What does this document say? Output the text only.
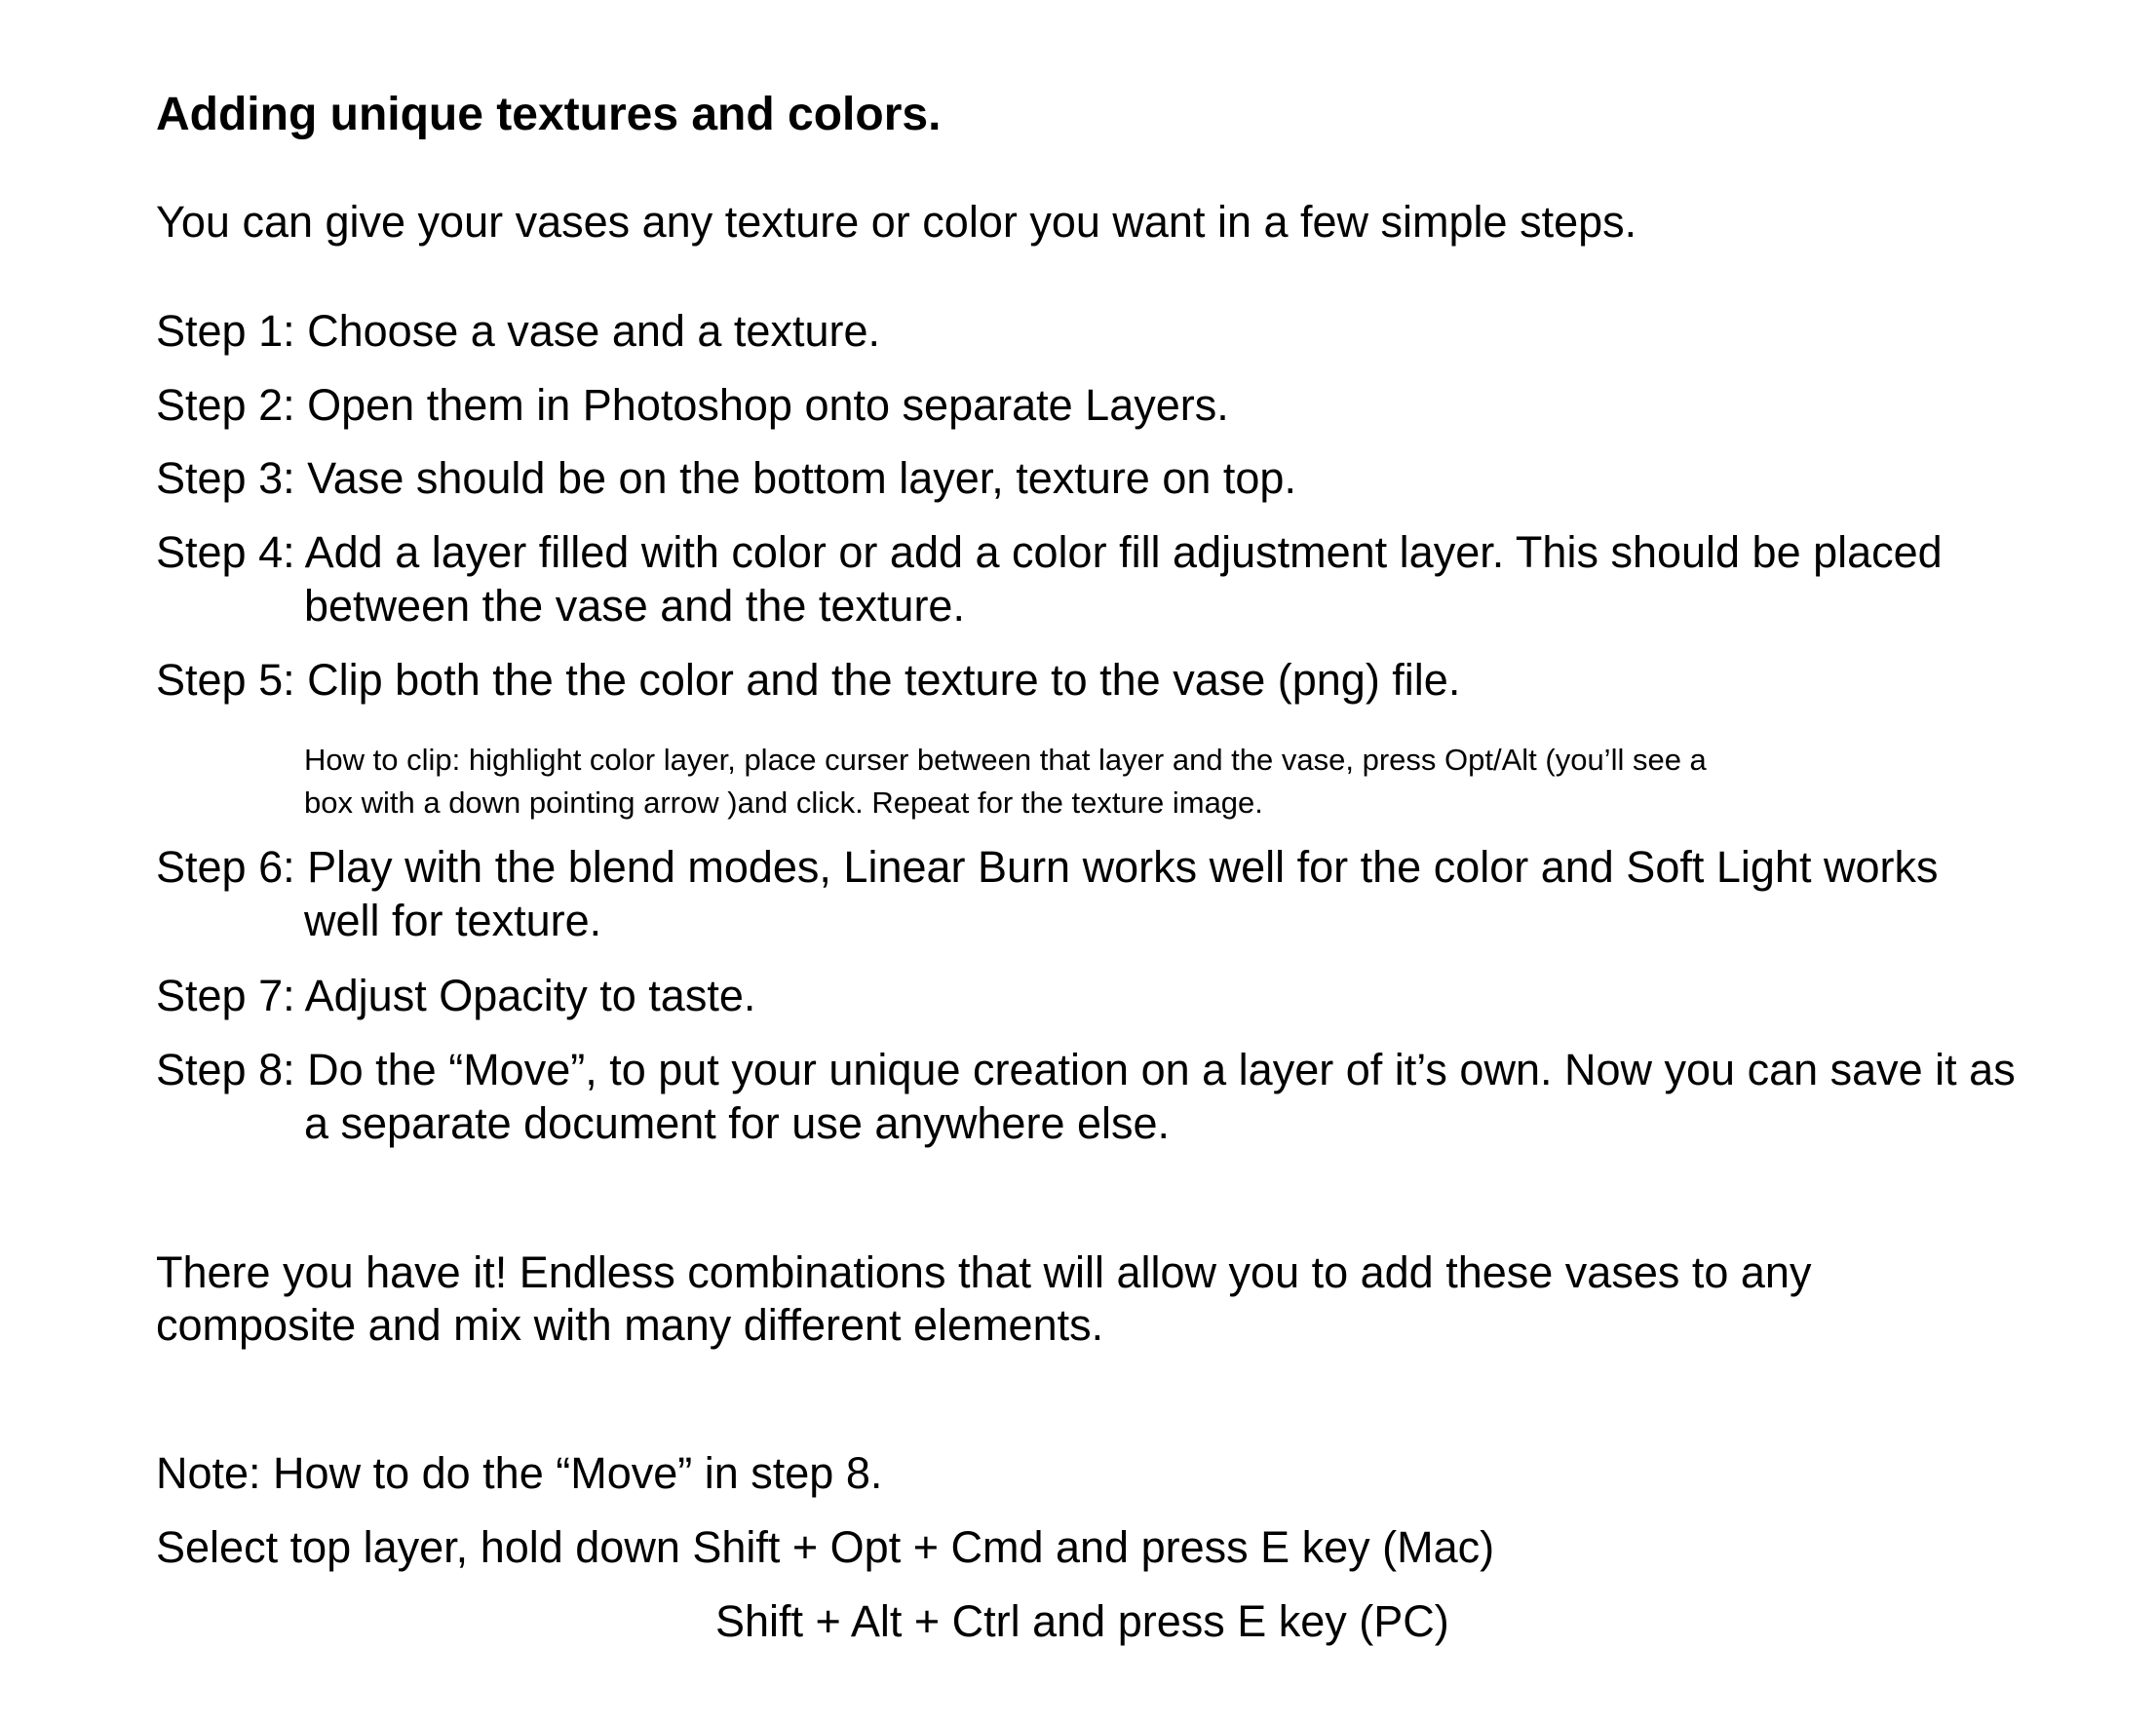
Adding unique textures and colors.

You can give your vases any texture or color you want in a few simple steps.

Step 1: Choose a vase and a texture.
Step 2: Open them in Photoshop onto separate Layers.
Step 3: Vase should be on the bottom layer, texture on top.
Step 4: Add a layer filled with color or add a color fill adjustment layer. This should be placed
between the vase and the texture.
Step 5: Clip both the the color and the texture to the vase (png) file.

How to clip: highlight color layer, place curser between that layer and the vase, press Opt/Alt (you’ll see a

box with a down pointing arrow )and click. Repeat for the texture image.

Step 6: Play with the blend modes, Linear Burn works well for the color and Soft Light works
well for texture.
Step 7: Adjust Opacity to taste.
Step 8: Do the “Move”, to put your unique creation on a layer of it’s own. Now you can save it as
a separate document for use anywhere else.

There you have it! Endless combinations that will allow you to add these vases to any

composite and mix with many different elements.

Note: How to do the “Move” in step 8.

Select top layer, hold down Shift + Opt + Cmd and press E key (Mac)

Shift + Alt + Ctrl and press E key (PC)
